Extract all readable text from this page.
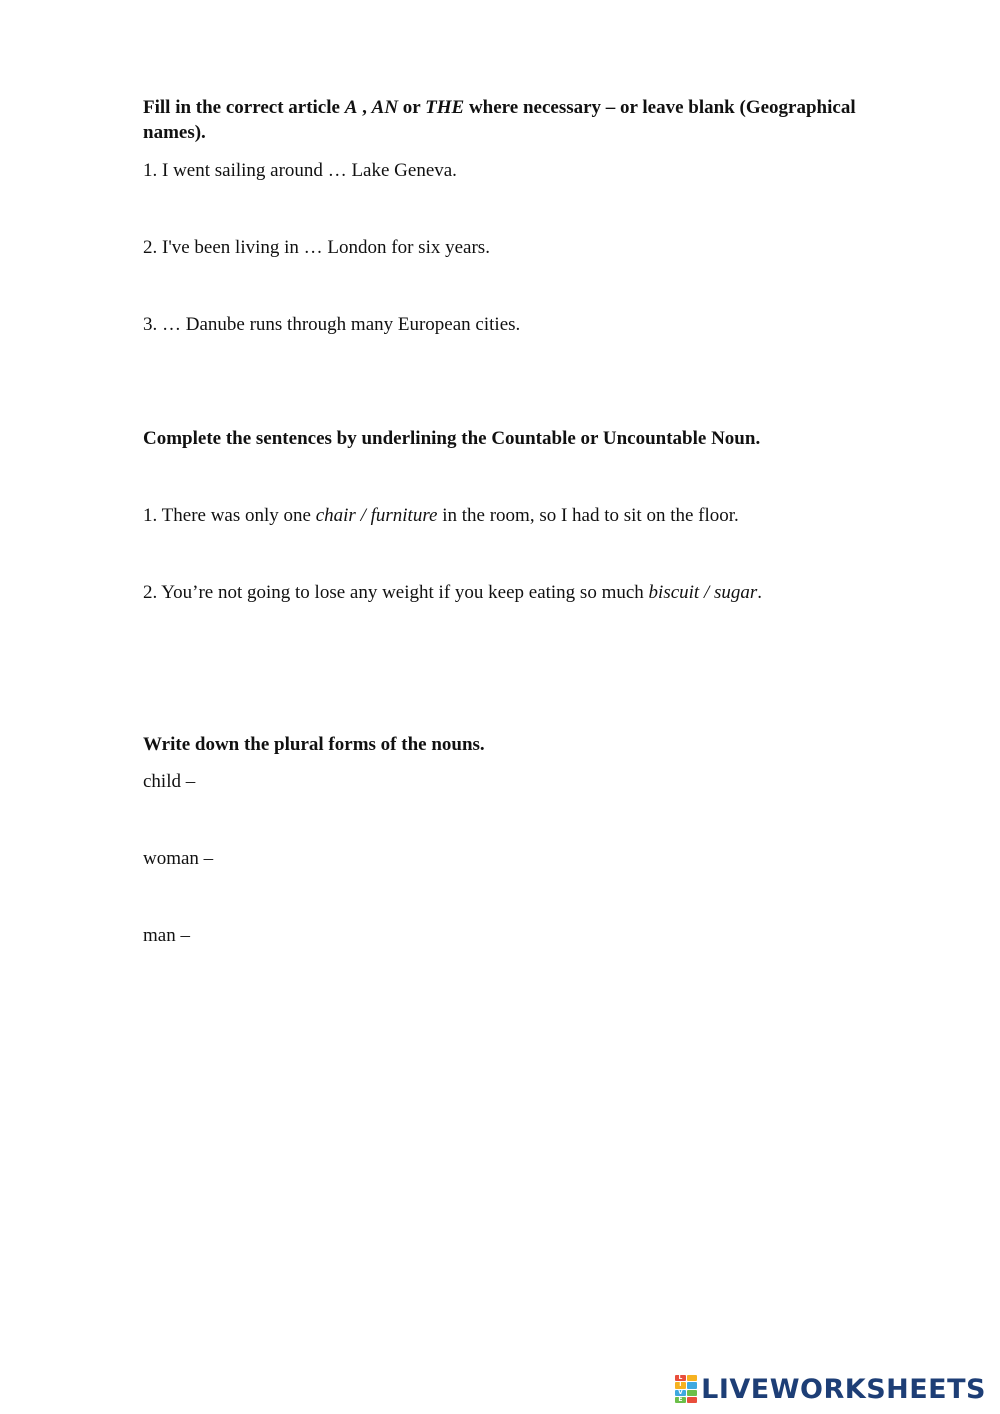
Fill in the correct article A , AN or THE where necessary – or leave blank (Geographical names).
1. I went sailing around … Lake Geneva.
2. I've been living in … London for six years.
3. … Danube runs through many European cities.
Complete the sentences by underlining the Countable or Uncountable Noun.
1. There was only one chair / furniture in the room, so I had to sit on the floor.
2. You’re not going to lose any weight if you keep eating so much biscuit / sugar.
Write down the plural forms of the nouns.
child –
woman –
man –
L
I
V
E LIVEWORKSHEETS
